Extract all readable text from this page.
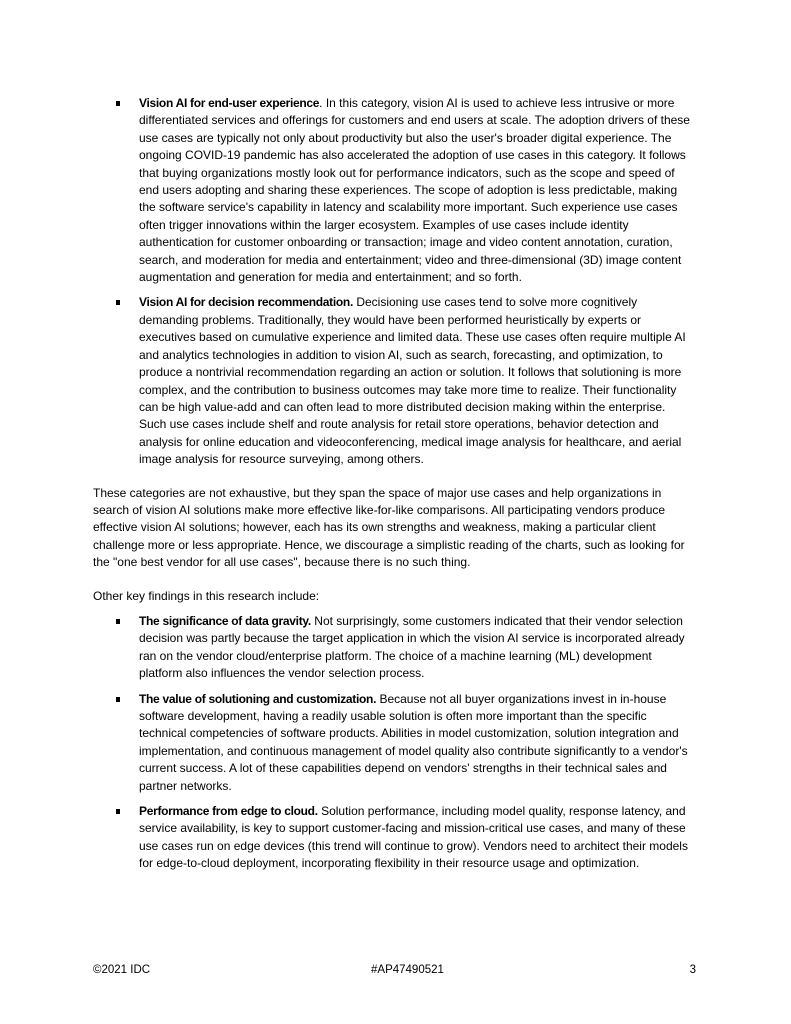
Vision AI for end-user experience. In this category, vision AI is used to achieve less intrusive or more differentiated services and offerings for customers and end users at scale. The adoption drivers of these use cases are typically not only about productivity but also the user's broader digital experience. The ongoing COVID-19 pandemic has also accelerated the adoption of use cases in this category. It follows that buying organizations mostly look out for performance indicators, such as the scope and speed of end users adopting and sharing these experiences. The scope of adoption is less predictable, making the software service's capability in latency and scalability more important. Such experience use cases often trigger innovations within the larger ecosystem. Examples of use cases include identity authentication for customer onboarding or transaction; image and video content annotation, curation, search, and moderation for media and entertainment; video and three-dimensional (3D) image content augmentation and generation for media and entertainment; and so forth.
Vision AI for decision recommendation. Decisioning use cases tend to solve more cognitively demanding problems. Traditionally, they would have been performed heuristically by experts or executives based on cumulative experience and limited data. These use cases often require multiple AI and analytics technologies in addition to vision AI, such as search, forecasting, and optimization, to produce a nontrivial recommendation regarding an action or solution. It follows that solutioning is more complex, and the contribution to business outcomes may take more time to realize. Their functionality can be high value-add and can often lead to more distributed decision making within the enterprise. Such use cases include shelf and route analysis for retail store operations, behavior detection and analysis for online education and videoconferencing, medical image analysis for healthcare, and aerial image analysis for resource surveying, among others.

These categories are not exhaustive, but they span the space of major use cases and help organizations in search of vision AI solutions make more effective like-for-like comparisons. All participating vendors produce effective vision AI solutions; however, each has its own strengths and weakness, making a particular client challenge more or less appropriate. Hence, we discourage a simplistic reading of the charts, such as looking for the "one best vendor for all use cases", because there is no such thing.

Other key findings in this research include:

The significance of data gravity. Not surprisingly, some customers indicated that their vendor selection decision was partly because the target application in which the vision AI service is incorporated already ran on the vendor cloud/enterprise platform. The choice of a machine learning (ML) development platform also influences the vendor selection process.
The value of solutioning and customization. Because not all buyer organizations invest in in-house software development, having a readily usable solution is often more important than the specific technical competencies of software products. Abilities in model customization, solution integration and implementation, and continuous management of model quality also contribute significantly to a vendor's current success. A lot of these capabilities depend on vendors' strengths in their technical sales and partner networks.
Performance from edge to cloud. Solution performance, including model quality, response latency, and service availability, is key to support customer-facing and mission-critical use cases, and many of these use cases run on edge devices (this trend will continue to grow). Vendors need to architect their models for edge-to-cloud deployment, incorporating flexibility in their resource usage and optimization.
©2021 IDC	#AP47490521	3
